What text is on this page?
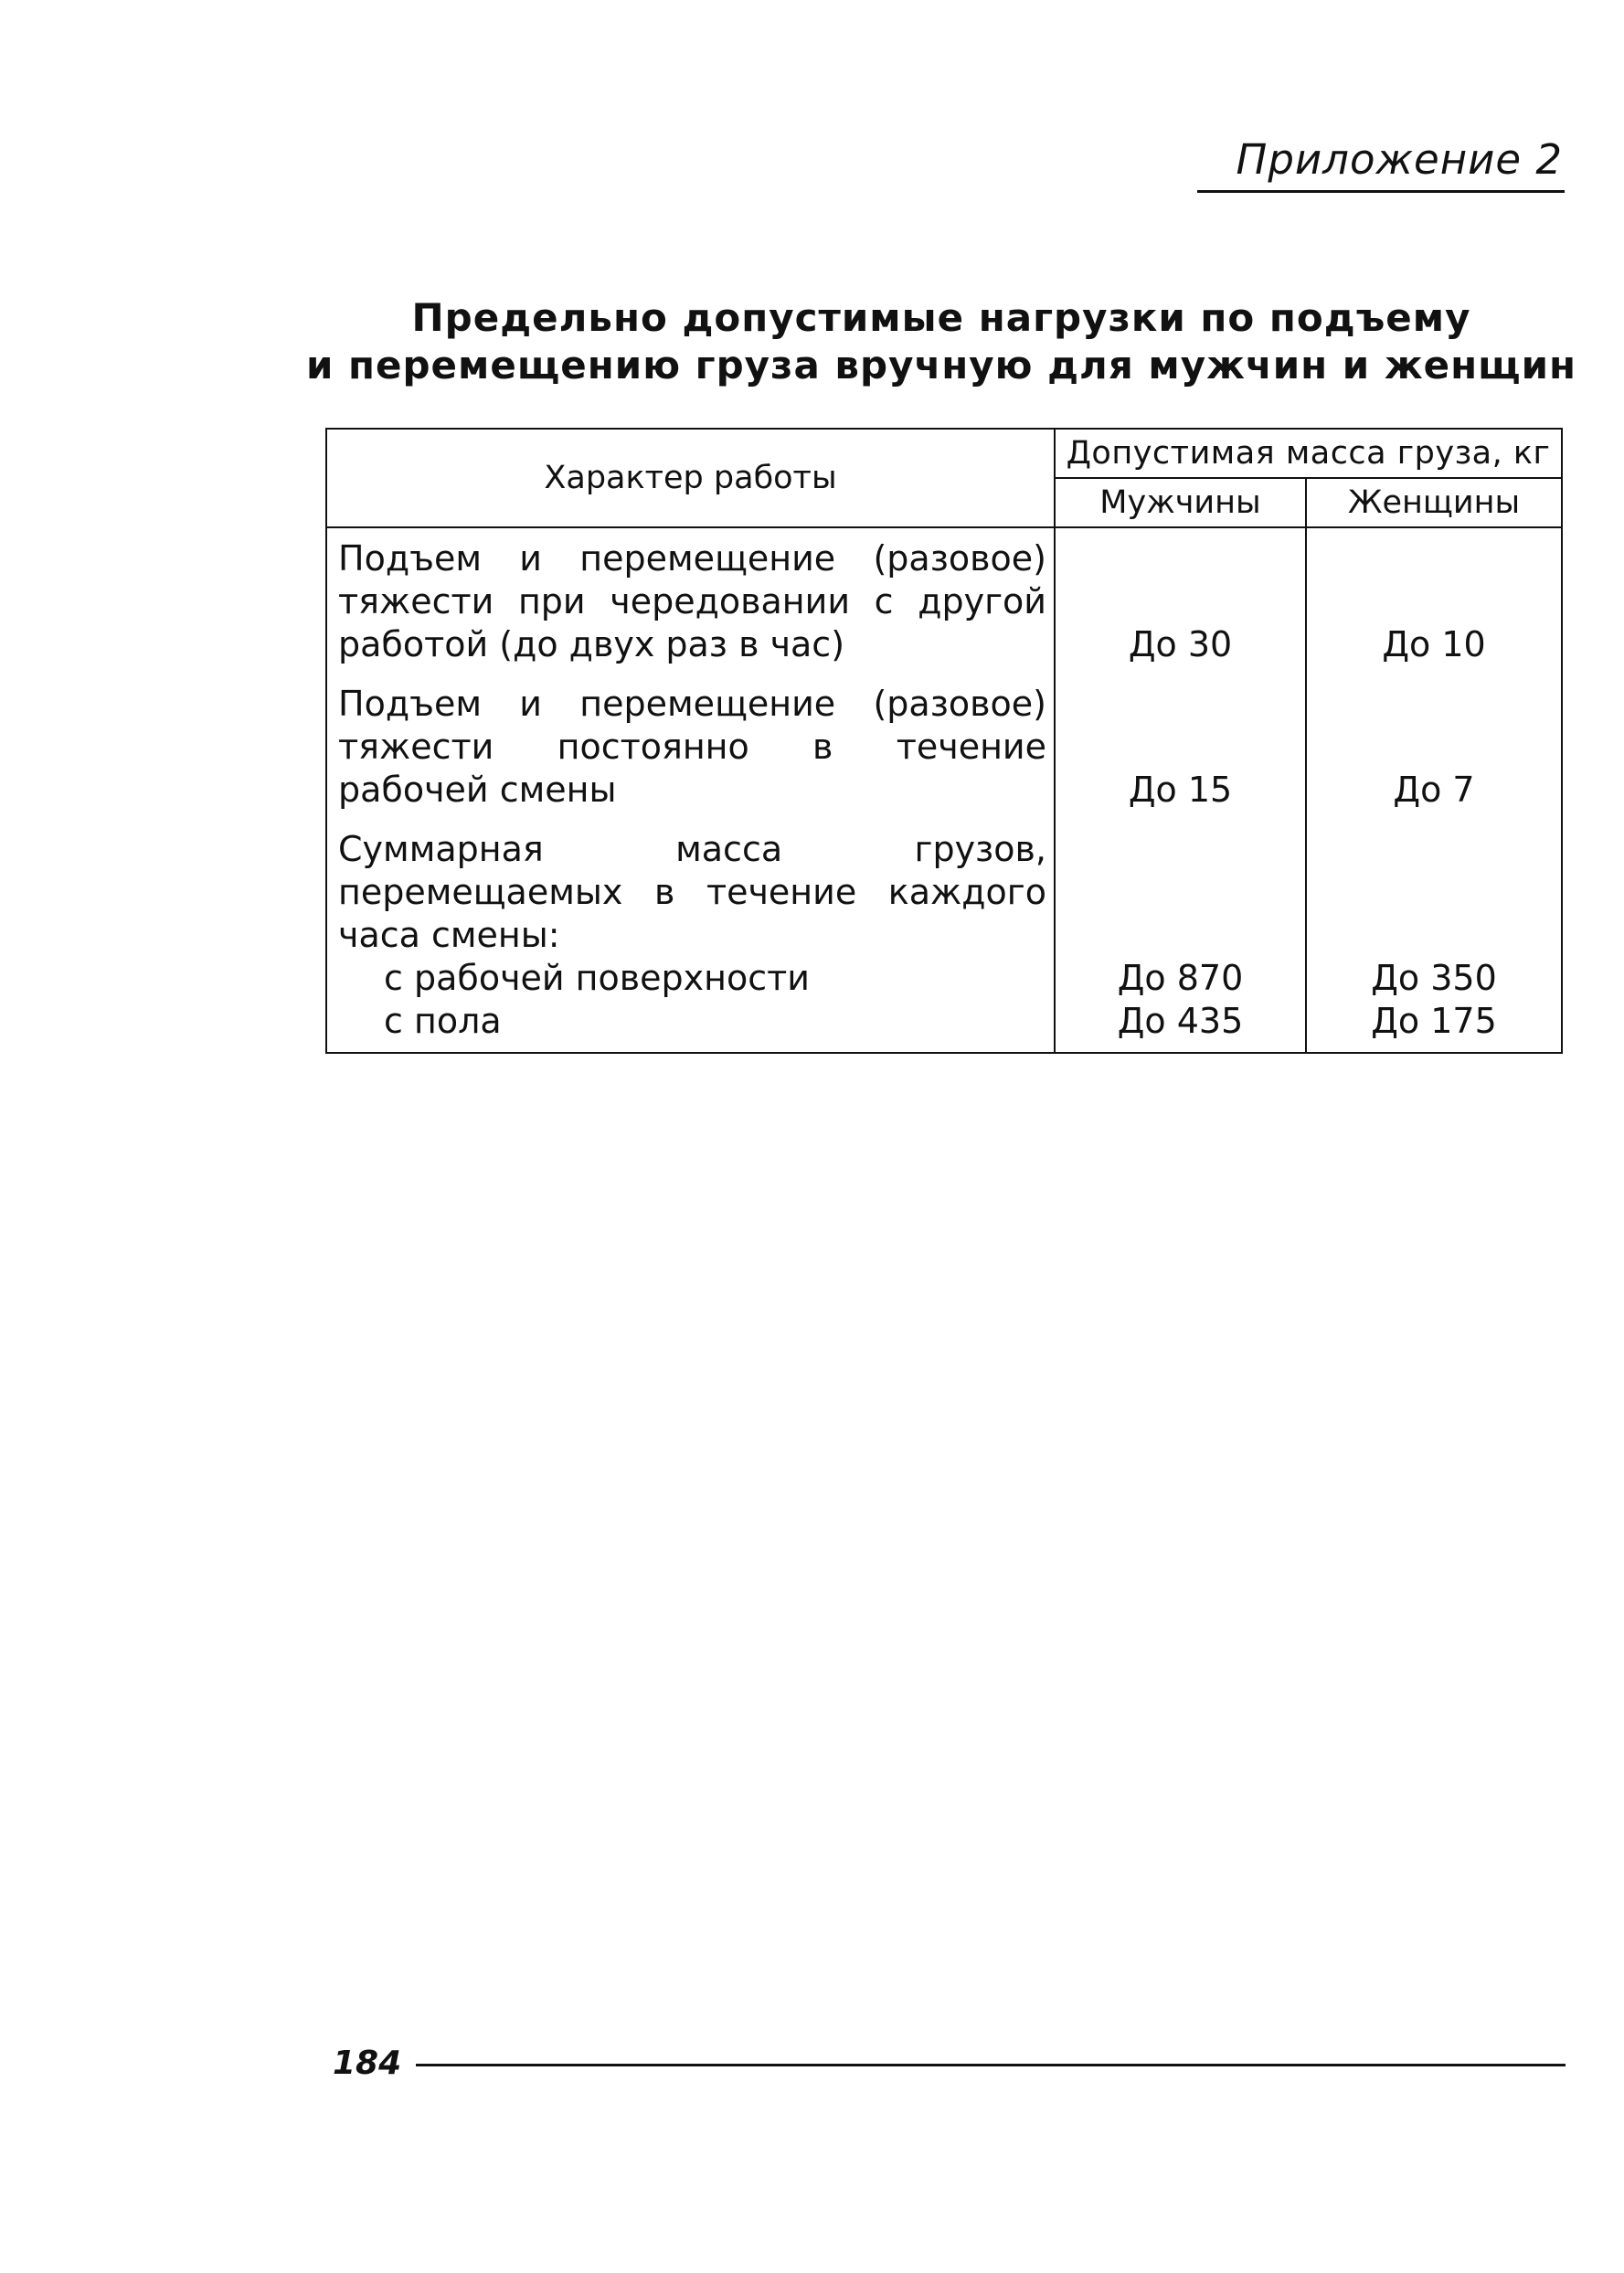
Приложение 2
Предельно допустимые нагрузки по подъему
и перемещению груза вручную для мужчин и женщин
Характер работы	Допустимая масса груза, кг	
	Мужчины	Женщины
Подъем и перемещение (разовое) тяжести при чередовании с другой работой (до двух раз в час)	До 30	До 10
Подъем и перемещение (разовое) тяжести постоянно в течение рабочей смены	До 15	До 7
Суммарная масса грузов, перемещаемых в течение каждого часа смены:		
с рабочей поверхности	До 870	До 350
с пола	До 435	До 175
184
